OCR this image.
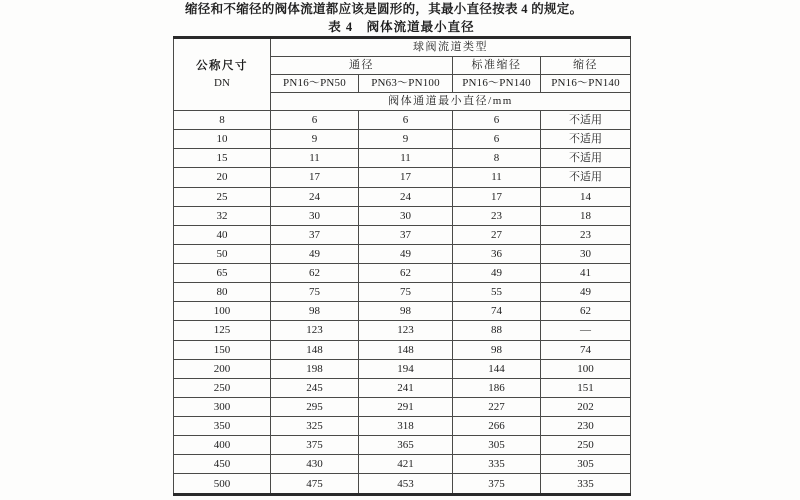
缩径和不缩径的阀体流道都应该是圆形的，其最小直径按表 4 的规定。

表 4　阀体流道最小直径
公称尺寸
DN	球阀流道类型			
	通径		标准缩径	缩径
	PN16～PN50	PN63～PN100	PN16～PN140	PN16～PN140
	阀体通道最小直径/mm			
8	6	6	6	不适用
10	9	9	6	不适用
15	11	11	8	不适用
20	17	17	11	不适用
25	24	24	17	14
32	30	30	23	18
40	37	37	27	23
50	49	49	36	30
65	62	62	49	41
80	75	75	55	49
100	98	98	74	62
125	123	123	88	—
150	148	148	98	74
200	198	194	144	100
250	245	241	186	151
300	295	291	227	202
350	325	318	266	230
400	375	365	305	250
450	430	421	335	305
500	475	453	375	335
